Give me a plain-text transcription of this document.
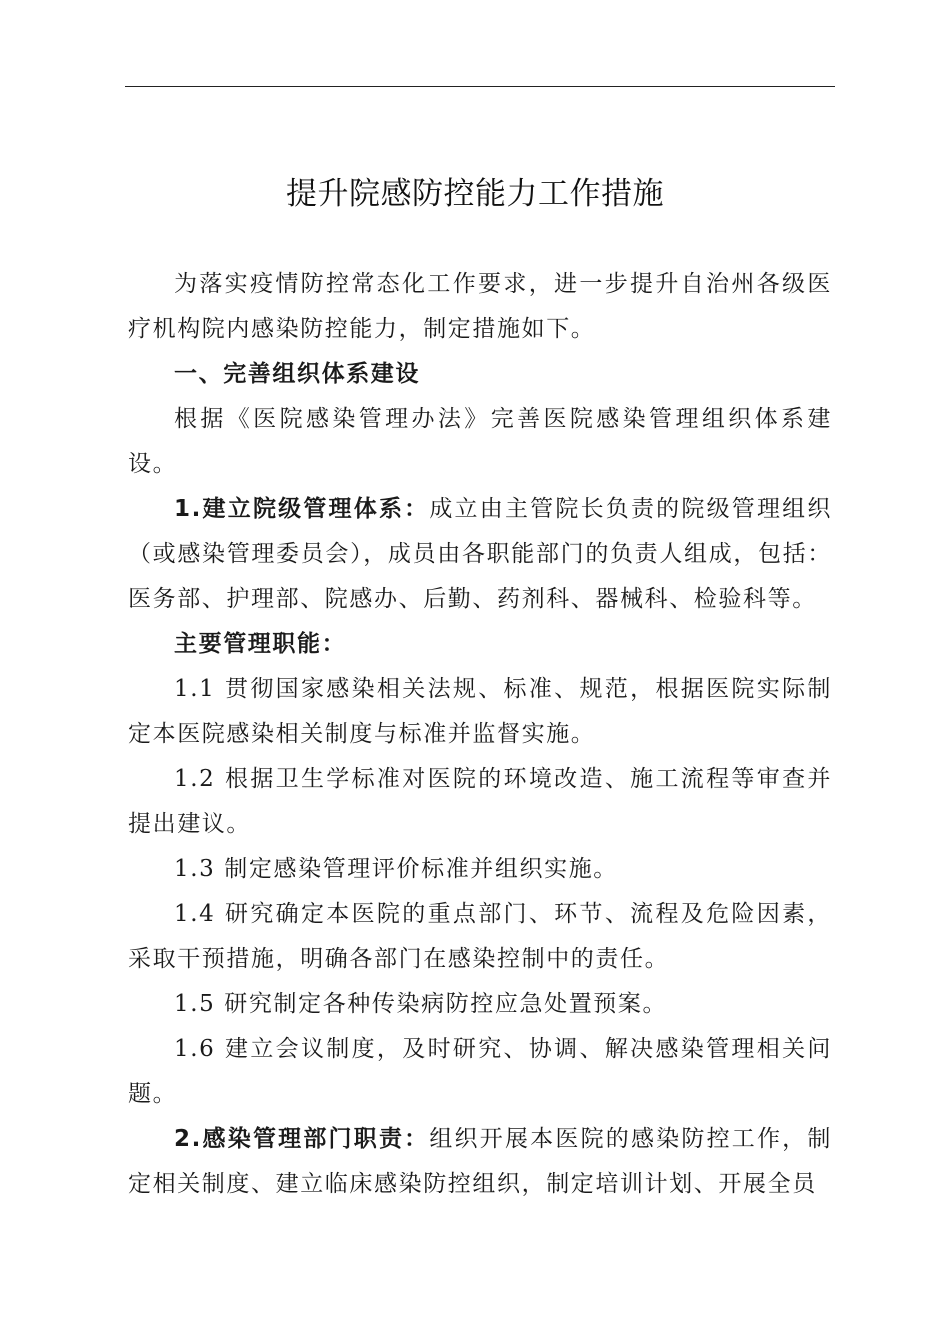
提升院感防控能力工作措施

为落实疫情防控常态化工作要求，进一步提升自治州各级医疗机构院内感染防控能力，制定措施如下。

一、完善组织体系建设

根据《医院感染管理办法》完善医院感染管理组织体系建设。

1.建立院级管理体系：成立由主管院长负责的院级管理组织（或感染管理委员会），成员由各职能部门的负责人组成，包括：医务部、护理部、院感办、后勤、药剂科、器械科、检验科等。

主要管理职能：

1.1 贯彻国家感染相关法规、标准、规范，根据医院实际制定本医院感染相关制度与标准并监督实施。

1.2 根据卫生学标准对医院的环境改造、施工流程等审查并提出建议。

1.3 制定感染管理评价标准并组织实施。

1.4 研究确定本医院的重点部门、环节、流程及危险因素，采取干预措施，明确各部门在感染控制中的责任。

1.5 研究制定各种传染病防控应急处置预案。

1.6 建立会议制度，及时研究、协调、解决感染管理相关问题。

2.感染管理部门职责：组织开展本医院的感染防控工作，制定相关制度、建立临床感染防控组织，制定培训计划、开展全员
